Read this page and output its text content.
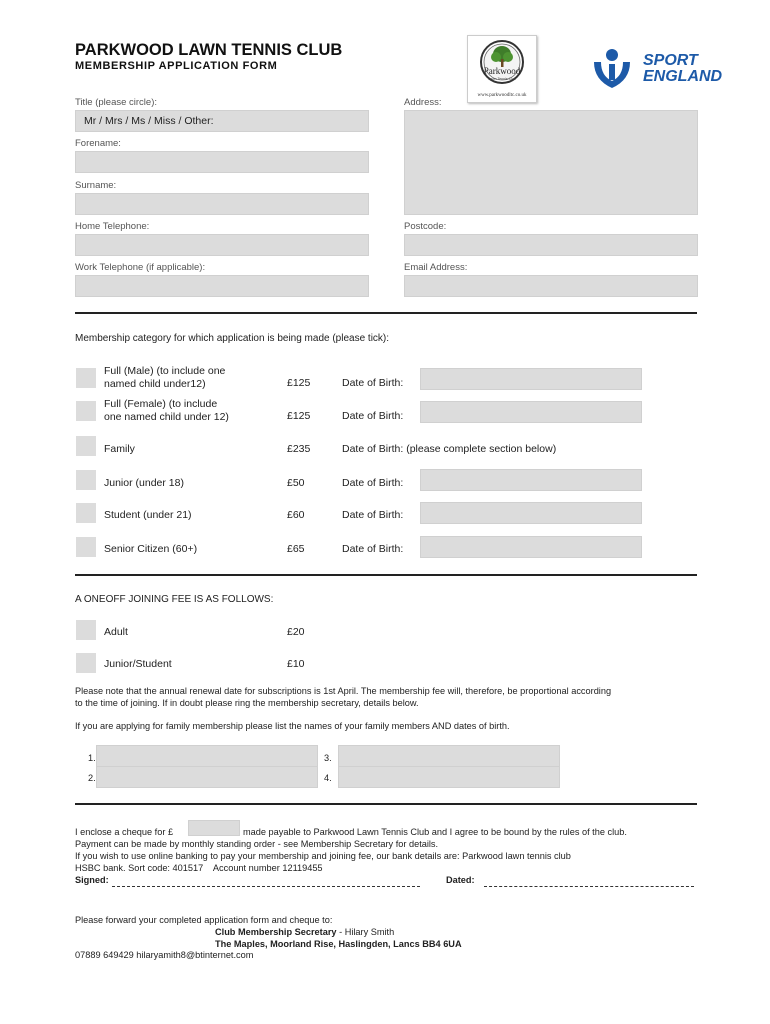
PARKWOOD LAWN TENNIS CLUB
MEMBERSHIP APPLICATION FORM	Parkwood
Lawn Tennis Club
www.parkwoodltc.co.uk
SPORT
ENGLAND
Title (please circle):
Mr / Mrs / Ms / Miss / Other:
Forename:
Surname:
Home Telephone:
Work Telephone (if applicable):
Address:
Postcode:
Email Address:
Membership category for which application is being made (please tick):
Full (Male) (to include one
named child under12)	£125	Date of Birth:
Full (Female) (to include
one named child under 12)	£125	Date of Birth:
Family	£235	Date of Birth: (please complete section below)
Junior (under 18)	£50	Date of Birth:
Student (under 21)	£60	Date of Birth:
Senior Citizen (60+)	£65	Date of Birth:
A ONEOFF JOINING FEE IS AS FOLLOWS:
Adult	£20
Junior/Student	£10
Please note that the annual renewal date for subscriptions is 1st April. The membership fee will, therefore, be proportional according
to the time of joining. If in doubt please ring the membership secretary, details below.
If you are applying for family membership please list the names of your family members AND dates of birth.
1.
2.
3.
4.
I enclose a cheque for £	made payable to Parkwood Lawn Tennis Club and I agree to be bound by the rules of the club.
Payment can be made by monthly standing order - see Membership Secretary for details.
If you wish to use online banking to pay your membership and joining fee, our bank details are: Parkwood lawn tennis club
HSBC bank. Sort code: 401517    Account number 12119455
Signed:	Dated:
Please forward your completed application form and cheque to:
Club Membership Secretary - Hilary Smith
The Maples, Moorland Rise, Haslingden, Lancs BB4 6UA
07889 649429 hilaryamith8@btinternet.com
